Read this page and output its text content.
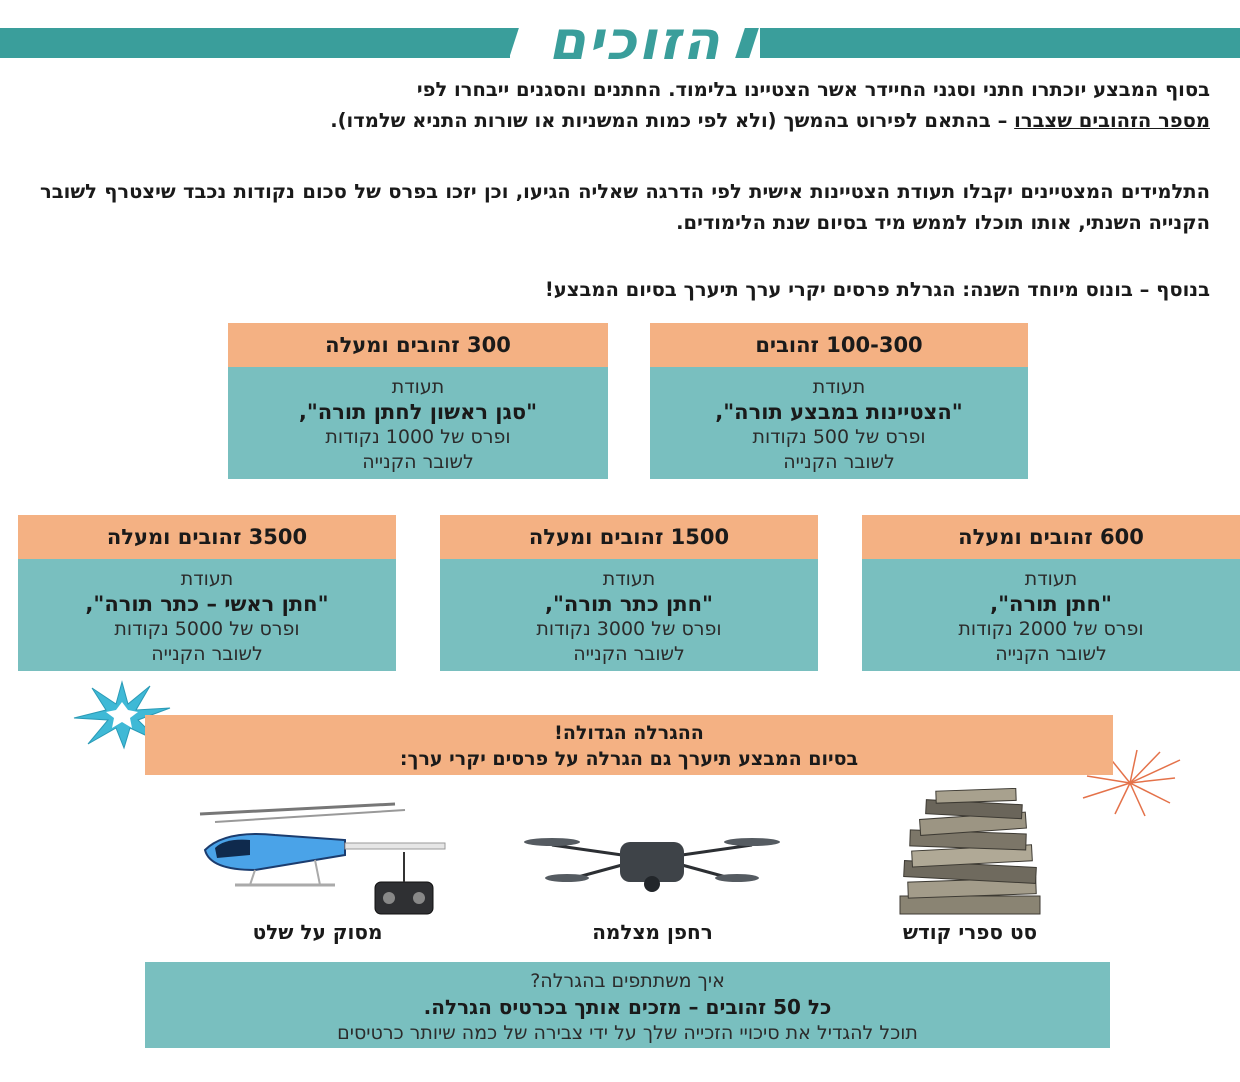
הזוכים
בסוף המבצע יוכתרו חתני וסגני החיידר אשר הצטיינו בלימוד. החתנים והסגנים ייבחרו לפי
מספר הזהובים שצברו – בהתאם לפירוט בהמשך (ולא לפי כמות המשניות או שורות התניא שלמדו).
התלמידים המצטיינים יקבלו תעודת הצטיינות אישית לפי הדרגה שאליה הגיעו, וכן יזכו בפרס של סכום נקודות נכבד שיצטרף לשובר הקנייה השנתי, אותו תוכלו לממש מיד בסיום שנת הלימודים.
בנוסף – בונוס מיוחד השנה: הגרלת פרסים יקרי ערך תיערך בסיום המבצע!
100-300 זהובים
תעודת
"הצטיינות במבצע תורה",
ופרס של 500 נקודות
לשובר הקנייה
300 זהובים ומעלה
תעודת
"סגן ראשון לחתן תורה",
ופרס של 1000 נקודות
לשובר הקנייה
600 זהובים ומעלה
תעודת
"חתן תורה",
ופרס של 2000 נקודות
לשובר הקנייה
1500 זהובים ומעלה
תעודת
"חתן כתר תורה",
ופרס של 3000 נקודות
לשובר הקנייה
3500 זהובים ומעלה
תעודת
"חתן ראשי – כתר תורה",
ופרס של 5000 נקודות
לשובר הקנייה
ההגרלה הגדולה!
בסיום המבצע תיערך גם הגרלה על פרסים יקרי ערך:
סט ספרי קודש
רחפן מצלמה
מסוק על שלט
איך משתתפים בהגרלה?
כל 50 זהובים – מזכים אותך בכרטיס הגרלה.
תוכל להגדיל את סיכויי הזכייה שלך על ידי צבירה של כמה שיותר כרטיסים
